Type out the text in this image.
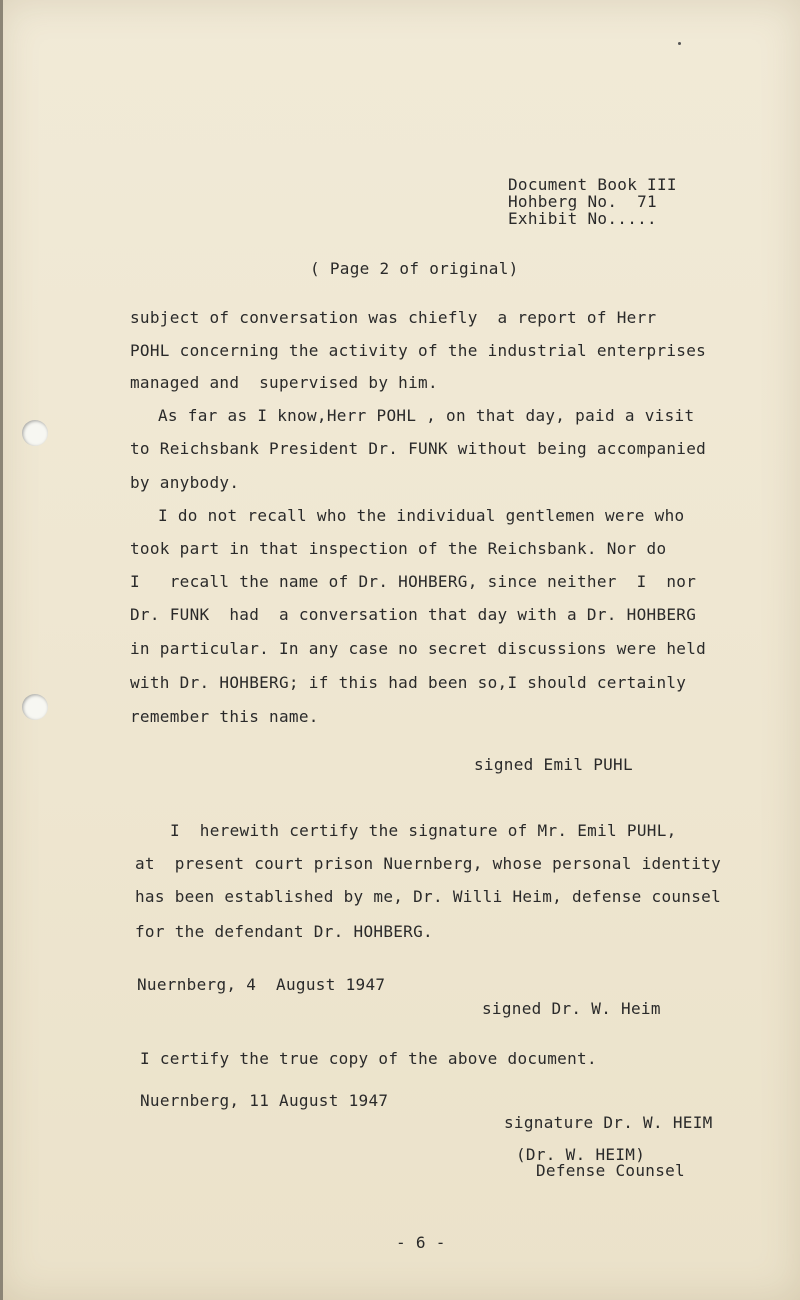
Document Book III
Hohberg No.  71
Exhibit No.....
( Page 2 of original)
subject of conversation was chiefly  a report of Herr
POHL concerning the activity of the industrial enterprises
managed and  supervised by him.
As far as I know,Herr POHL , on that day, paid a visit
to Reichsbank President Dr. FUNK without being accompanied
by anybody.
I do not recall who the individual gentlemen were who
took part in that inspection of the Reichsbank. Nor do
I   recall the name of Dr. HOHBERG, since neither  I  nor
Dr. FUNK  had  a conversation that day with a Dr. HOHBERG
in particular. In any case no secret discussions were held
with Dr. HOHBERG; if this had been so,I should certainly
remember this name.
signed Emil PUHL
I  herewith certify the signature of Mr. Emil PUHL,
at  present court prison Nuernberg, whose personal identity
has been established by me, Dr. Willi Heim, defense counsel
for the defendant Dr. HOHBERG.
Nuernberg, 4  August 1947
signed Dr. W. Heim
I certify the true copy of the above document.
Nuernberg, 11 August 1947
signature Dr. W. HEIM
(Dr. W. HEIM)
Defense Counsel
- 6 -
